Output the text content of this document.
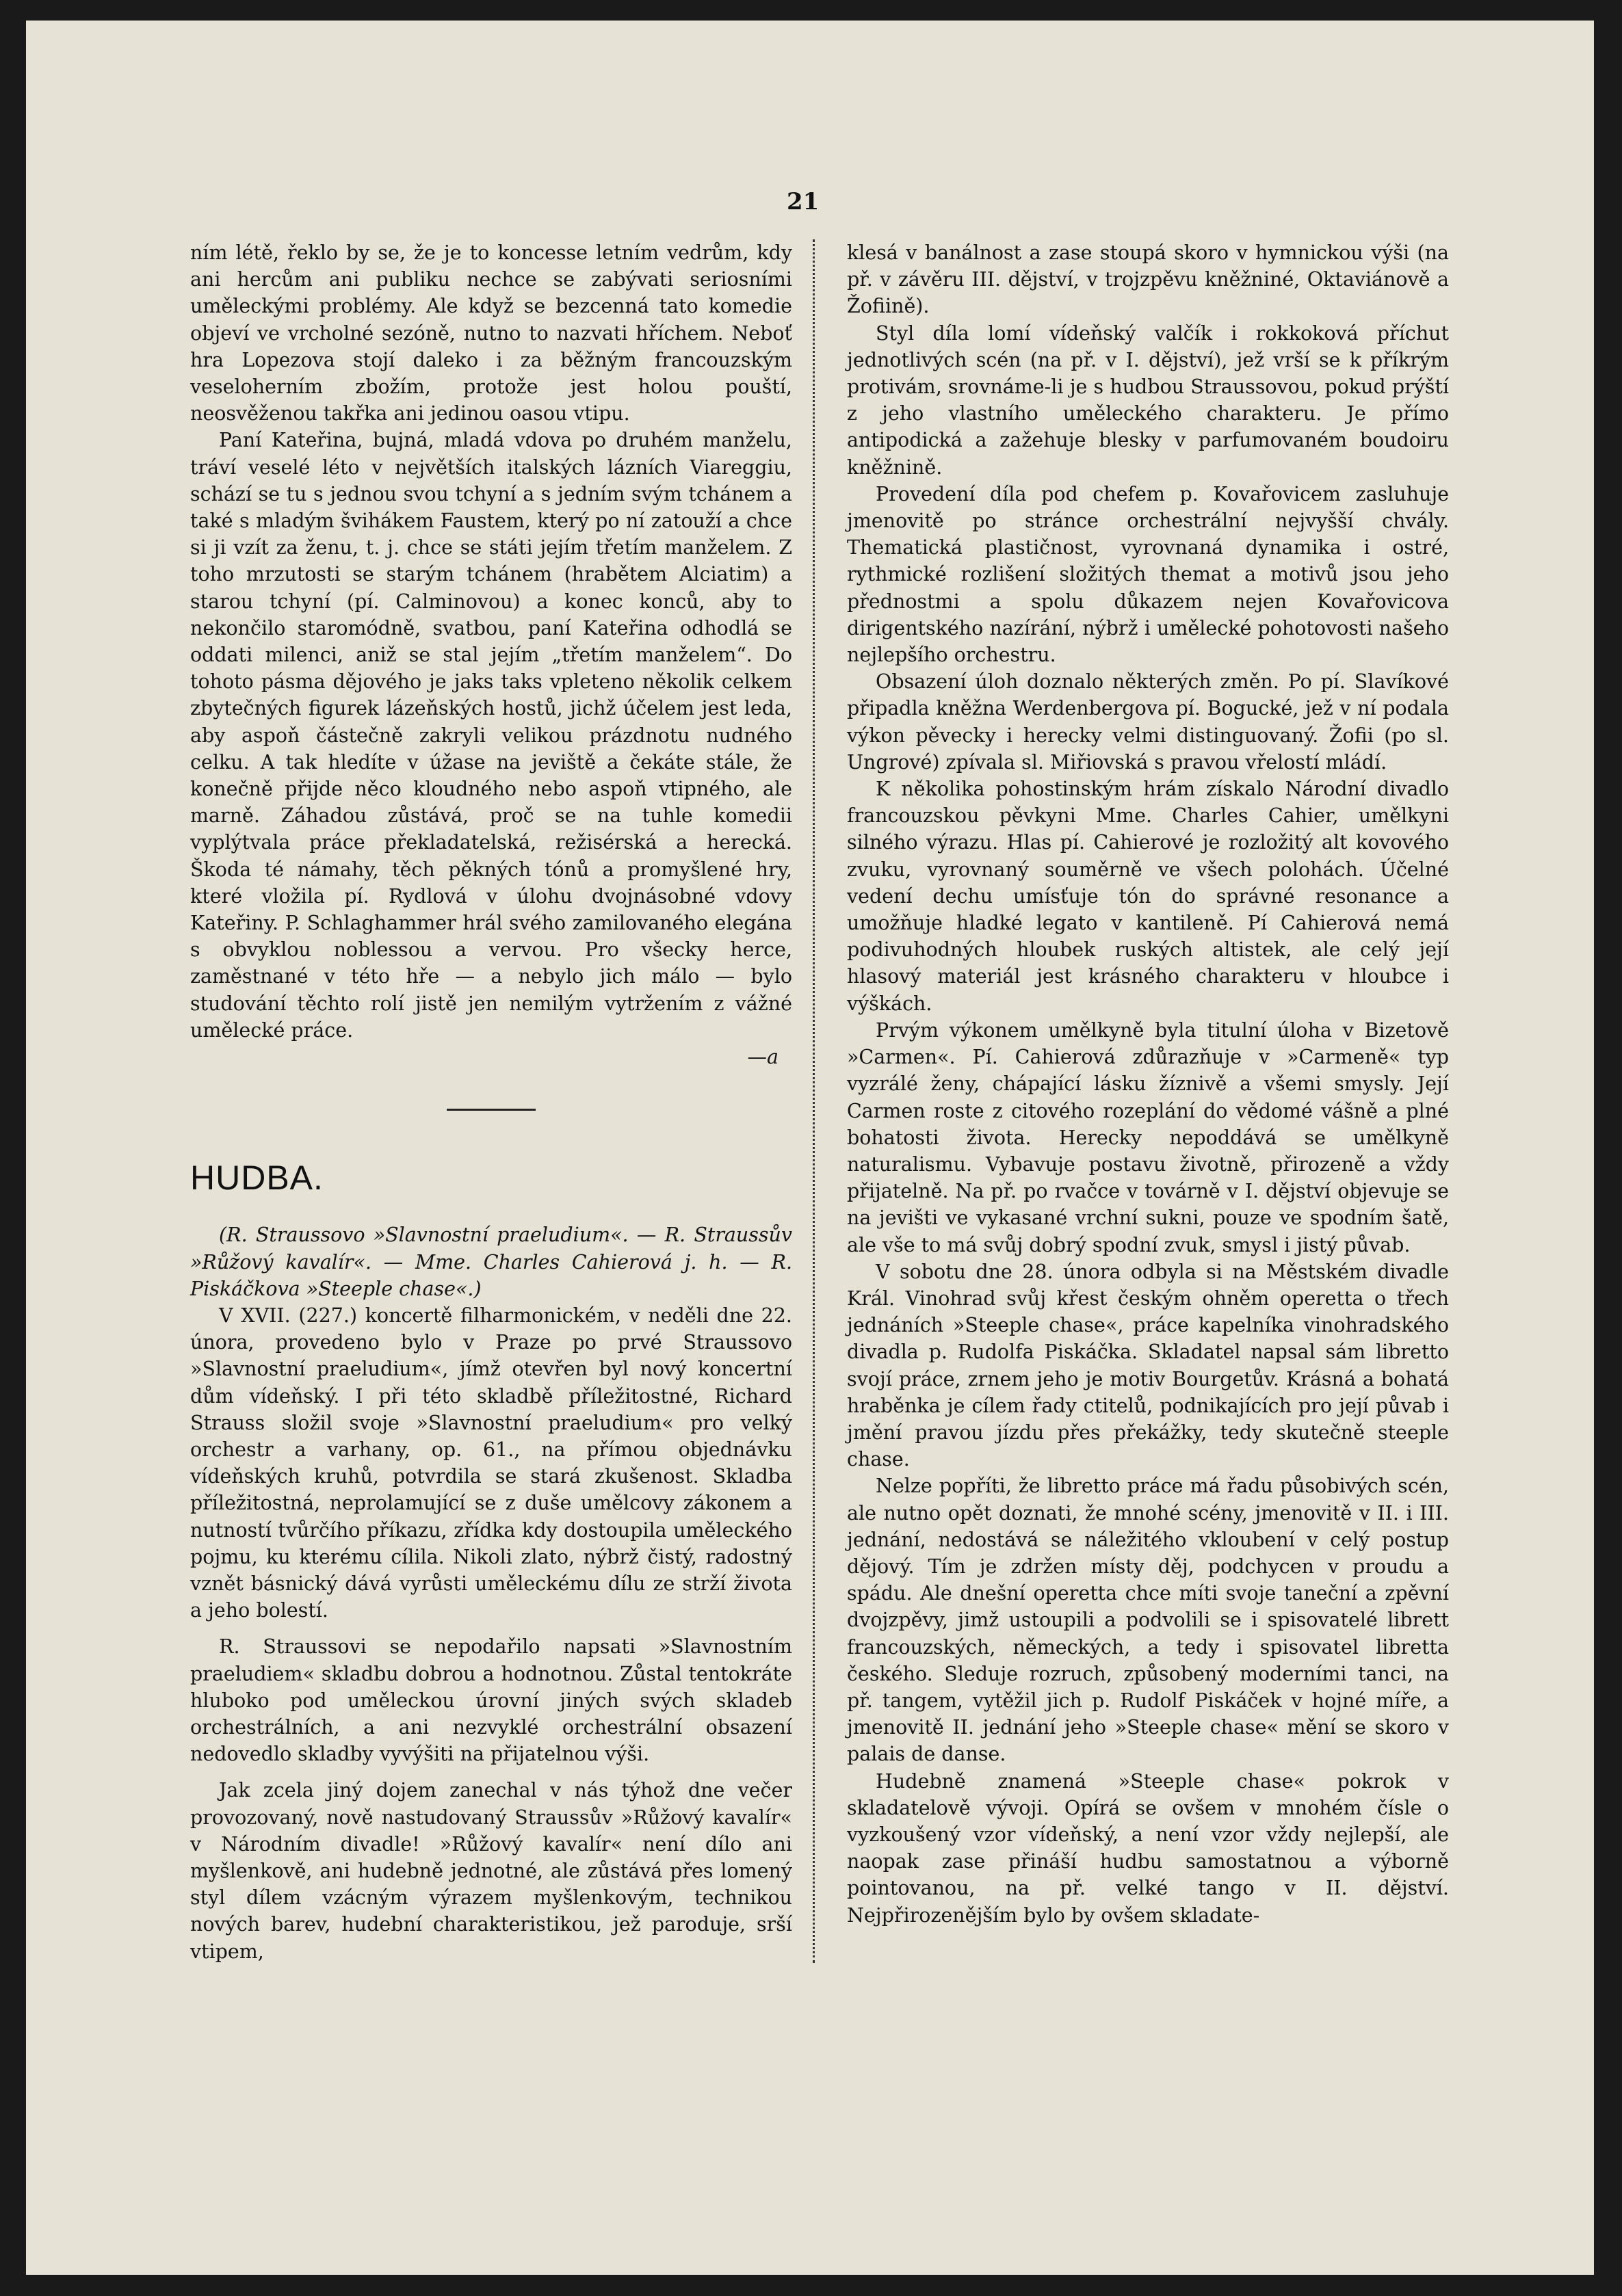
21

ním létě, řeklo by se, že je to koncesse letním vedrům, kdy ani hercům ani publiku nechce se zabývati seriosními uměleckými problémy. Ale když se bezcenná tato komedie objeví ve vrcholné sezóně, nutno to nazvati hříchem. Neboť hra Lopezova stojí daleko i za běžným francouzským veseloherním zbožím, protože jest holou pouští, neosvěženou takřka ani jedinou oasou vtipu.

Paní Kateřina, bujná, mladá vdova po druhém manželu, tráví veselé léto v největších italských lázních Viareggiu, schází se tu s jednou svou tchyní a s jedním svým tchánem a také s mladým švihákem Faustem, který po ní zatouží a chce si ji vzít za ženu, t. j. chce se státi jejím třetím manželem. Z toho mrzutosti se starým tchánem (hrabětem Alciatim) a starou tchyní (pí. Calminovou) a konec konců, aby to nekončilo staromódně, svatbou, paní Kateřina odhodlá se oddati milenci, aniž se stal jejím „třetím manželem“. Do tohoto pásma dějového je jaks taks vpleteno několik celkem zbytečných figurek lázeňských hostů, jichž účelem jest leda, aby aspoň částečně zakryli velikou prázdnotu nudného celku. A tak hledíte v úžase na jeviště a čekáte stále, že konečně přijde něco kloudného nebo aspoň vtipného, ale marně. Záhadou zůstává, proč se na tuhle komedii vyplýtvala práce překladatelská, režisérská a herecká. Škoda té námahy, těch pěkných tónů a promyšlené hry, které vložila pí. Rydlová v úlohu dvojnásobné vdovy Kateřiny. P. Schlaghammer hrál svého zamilovaného elegána s obvyklou noblessou a vervou. Pro všecky herce, zaměstnané v této hře — a nebylo jich málo — bylo studování těchto rolí jistě jen nemilým vytržením z vážné umělecké práce.

—a

HUDBA.

(R. Straussovo »Slavnostní praeludium«. — R. Straussův »Růžový kavalír«. — Mme. Charles Cahierová j. h. — R. Piskáčkova »Steeple chase«.)

V XVII. (227.) koncertě filharmonickém, v neděli dne 22. února, provedeno bylo v Praze po prvé Straussovo »Slavnostní praeludium«, jímž otevřen byl nový koncertní dům vídeňský. I při této skladbě příležitostné, Richard Strauss složil svoje »Slavnostní praeludium« pro velký orchestr a varhany, op. 61., na přímou objednávku vídeňských kruhů, potvrdila se stará zkušenost. Skladba příležitostná, neprolamující se z duše umělcovy zákonem a nutností tvůrčího příkazu, zřídka kdy dostoupila uměleckého pojmu, ku kterému cílila. Nikoli zlato, nýbrž čistý, radostný vznět básnický dává vyrůsti uměleckému dílu ze strží života a jeho bolestí.

R. Straussovi se nepodařilo napsati »Slavnostním praeludiem« skladbu dobrou a hodnotnou. Zůstal tentokráte hluboko pod uměleckou úrovní jiných svých skladeb orchestrálních, a ani nezvyklé orchestrální obsazení nedovedlo skladby vyvýšiti na přijatelnou výši.

Jak zcela jiný dojem zanechal v nás týhož dne večer provozovaný, nově nastudovaný Straussův »Růžový kavalír« v Národním divadle! »Růžový kavalír« není dílo ani myšlenkově, ani hudebně jednotné, ale zůstává přes lomený styl dílem vzácným výrazem myšlenkovým, technikou nových barev, hudební charakteristikou, jež paroduje, srší vtipem,

klesá v banálnost a zase stoupá skoro v hymnickou výši (na př. v závěru III. dějství, v trojzpěvu kněžniné, Oktaviánově a Žofiině).

Styl díla lomí vídeňský valčík i rokkoková příchut jednotlivých scén (na př. v I. dějství), jež vrší se k příkrým protivám, srovnáme-li je s hudbou Straussovou, pokud prýští z jeho vlastního uměleckého charakteru. Je přímo antipodická a zažehuje blesky v parfumovaném boudoiru kněžnině.

Provedení díla pod chefem p. Kovařovicem zasluhuje jmenovitě po stránce orchestrální nejvyšší chvály. Thematická plastičnost, vyrovnaná dynamika i ostré, rythmické rozlišení složitých themat a motivů jsou jeho přednostmi a spolu důkazem nejen Kovařovicova dirigentského nazírání, nýbrž i umělecké pohotovosti našeho nejlepšího orchestru.

Obsazení úloh doznalo některých změn. Po pí. Slavíkové připadla kněžna Werdenbergova pí. Bogucké, jež v ní podala výkon pěvecky i herecky velmi distinguovaný. Žofii (po sl. Ungrové) zpívala sl. Miřiovská s pravou vřelostí mládí.

K několika pohostinským hrám získalo Národní divadlo francouzskou pěvkyni Mme. Charles Cahier, umělkyni silného výrazu. Hlas pí. Cahierové je rozložitý alt kovového zvuku, vyrovnaný souměrně ve všech polohách. Účelné vedení dechu umísťuje tón do správné resonance a umožňuje hladké legato v kantileně. Pí Cahierová nemá podivuhodných hloubek ruských altistek, ale celý její hlasový materiál jest krásného charakteru v hloubce i výškách.

Prvým výkonem umělkyně byla titulní úloha v Bizetově »Carmen«. Pí. Cahierová zdůrazňuje v »Carmeně« typ vyzrálé ženy, chápající lásku žíznivě a všemi smysly. Její Carmen roste z citového rozeplání do vědomé vášně a plné bohatosti života. Herecky nepoddává se umělkyně naturalismu. Vybavuje postavu životně, přirozeně a vždy přijatelně. Na př. po rvačce v továrně v I. dějství objevuje se na jevišti ve vykasané vrchní sukni, pouze ve spodním šatě, ale vše to má svůj dobrý spodní zvuk, smysl i jistý půvab.

V sobotu dne 28. února odbyla si na Městském divadle Král. Vinohrad svůj křest českým ohněm operetta o třech jednáních »Steeple chase«, práce kapelníka vinohradského divadla p. Rudolfa Piskáčka. Skladatel napsal sám libretto svojí práce, zrnem jeho je motiv Bourgetův. Krásná a bohatá hraběnka je cílem řady ctitelů, podnikajících pro její půvab i jmění pravou jízdu přes překážky, tedy skutečně steeple chase.

Nelze popříti, že libretto práce má řadu působivých scén, ale nutno opět doznati, že mnohé scény, jmenovitě v II. i III. jednání, nedostává se náležitého vkloubení v celý postup dějový. Tím je zdržen místy děj, podchycen v proudu a spádu. Ale dnešní operetta chce míti svoje taneční a zpěvní dvojzpěvy, jimž ustoupili a podvolili se i spisovatelé librett francouzských, německých, a tedy i spisovatel libretta českého. Sleduje rozruch, způsobený moderními tanci, na př. tangem, vytěžil jich p. Rudolf Piskáček v hojné míře, a jmenovitě II. jednání jeho »Steeple chase« mění se skoro v palais de danse.

Hudebně znamená »Steeple chase« pokrok v skladatelově vývoji. Opírá se ovšem v mnohém čísle o vyzkoušený vzor vídeňský, a není vzor vždy nejlepší, ale naopak zase přináší hudbu samostatnou a výborně pointovanou, na př. velké tango v II. dějství. Nejpřirozenějším bylo by ovšem skladate-
